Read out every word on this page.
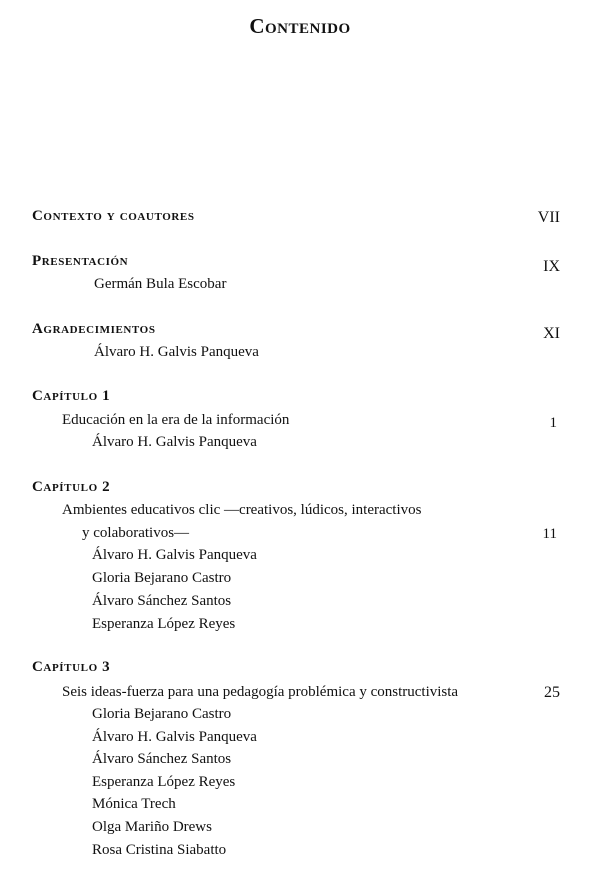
Contenido
Contexto y coautores	VII
Presentación	IX
Germán Bula Escobar
Agradecimientos	XI
Álvaro H. Galvis Panqueva
Capítulo 1
Educación en la era de la información	1
Álvaro H. Galvis Panqueva
Capítulo 2
Ambientes educativos clic —creativos, lúdicos, interactivos
y colaborativos—	11
Álvaro H. Galvis Panqueva
Gloria Bejarano Castro
Álvaro Sánchez Santos
Esperanza López Reyes
Capítulo 3
Seis ideas-fuerza para una pedagogía problémica y constructivista	25
Gloria Bejarano Castro
Álvaro H. Galvis Panqueva
Álvaro Sánchez Santos
Esperanza López Reyes
Mónica Trech
Olga Mariño Drews
Rosa Cristina Siabatto
